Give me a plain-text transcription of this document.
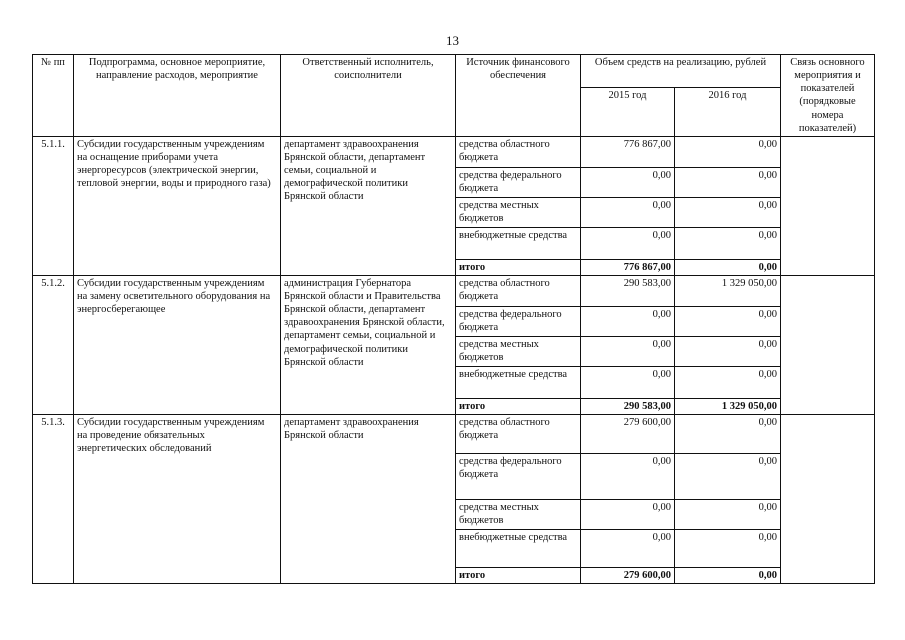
13
№ пп	Подпрограмма, основное мероприятие, направление расходов, мероприятие	Ответственный исполнитель, соисполнители	Источник финансового обеспечения	Объем средств на реализацию, рублей		Связь основного мероприятия и показателей (порядковые номера показателей)
				2015 год	2016 год	
5.1.1.	Субсидии государственным учреждениям на оснащение приборами учета энергоресурсов (электрической энергии, тепловой энергии, воды и природного газа)	департамент здравоохранения Брянской области, департамент семьи, социальной и демографической политики Брянской области	средства областного бюджета	776 867,00	0,00	
			средства федерального бюджета	0,00	0,00	
			средства местных бюджетов	0,00	0,00	
			внебюджетные средства	0,00	0,00	
			итого	776 867,00	0,00	
5.1.2.	Субсидии государственным учреждениям на замену осветительного оборудования на энергосберегающее	администрация Губернатора Брянской области и Правительства Брянской области, департамент здравоохранения Брянской области, департамент семьи, социальной и демографической политики Брянской области	средства областного бюджета	290 583,00	1 329 050,00	
			средства федерального бюджета	0,00	0,00	
			средства местных бюджетов	0,00	0,00	
			внебюджетные средства	0,00	0,00	
			итого	290 583,00	1 329 050,00	
5.1.3.	Субсидии государственным учреждениям на проведение обязательных энергетических обследований	департамент здравоохранения Брянской области	средства областного бюджета	279 600,00	0,00	
			средства федерального бюджета	0,00	0,00	
			средства местных бюджетов	0,00	0,00	
			внебюджетные средства	0,00	0,00	
			итого	279 600,00	0,00	
